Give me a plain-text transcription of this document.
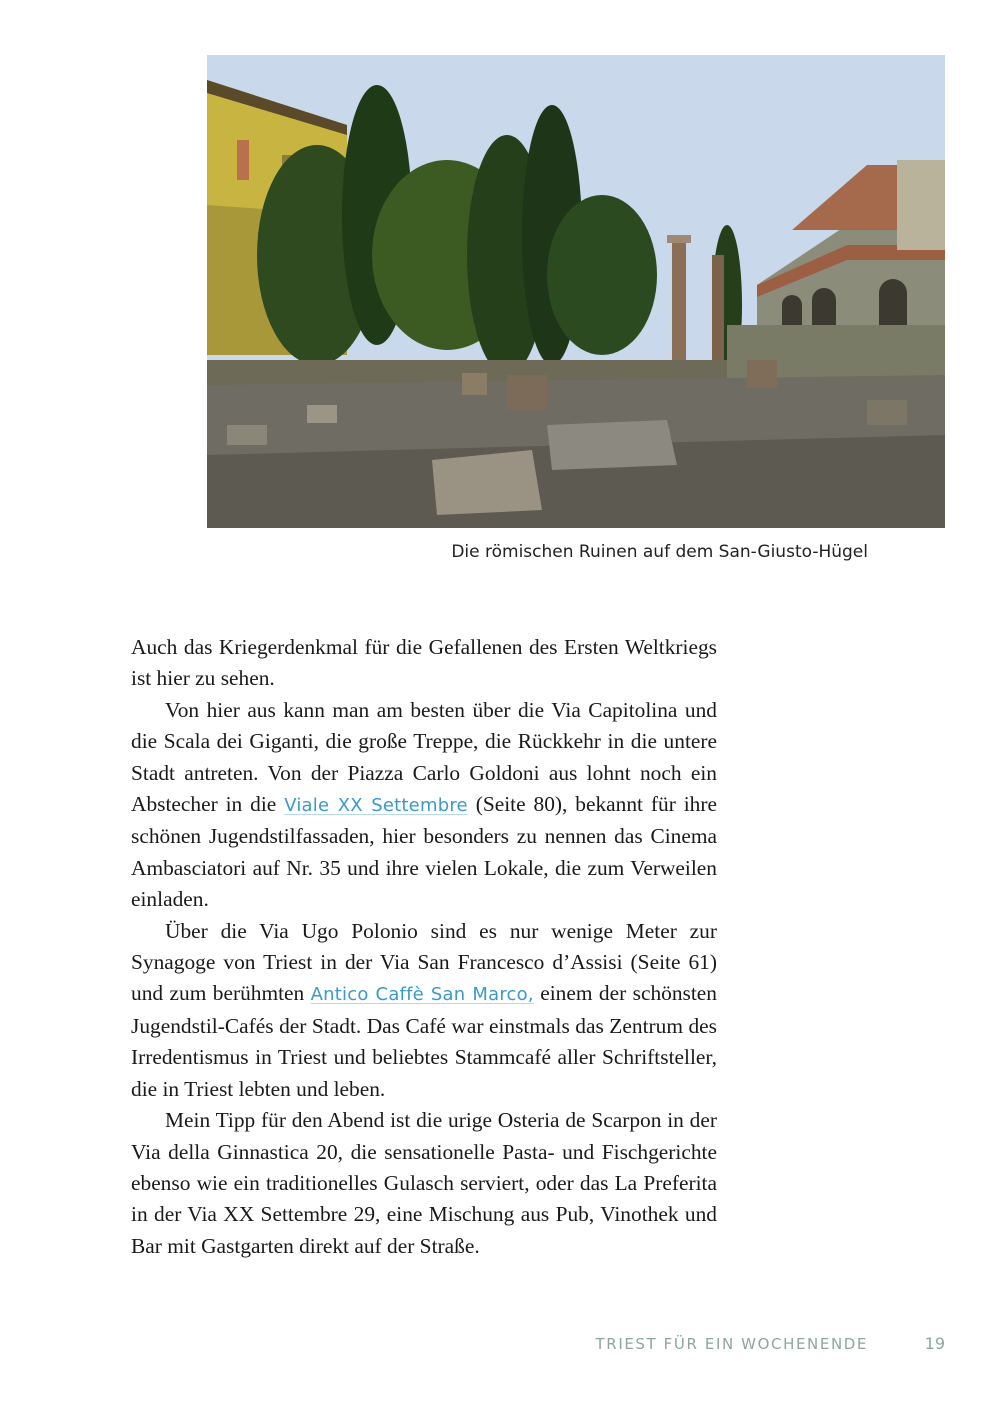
Die römischen Ruinen auf dem San-Giusto-Hügel

Auch das Kriegerdenkmal für die Gefallenen des Ersten Weltkriegs ist hier zu sehen.

Von hier aus kann man am besten über die Via Capitolina und die Scala dei Giganti, die große Treppe, die Rückkehr in die untere Stadt antreten. Von der Piazza Carlo Goldoni aus lohnt noch ein Abstecher in die Viale XX Settembre (Seite 80), bekannt für ihre schönen Jugendstilfassaden, hier besonders zu nennen das Cinema Ambasciatori auf Nr. 35 und ihre vielen Lokale, die zum Verweilen einladen.

Über die Via Ugo Polonio sind es nur wenige Meter zur Synagoge von Triest in der Via San Francesco d’Assisi (Seite 61) und zum berühmten Antico Caffè San Marco, einem der schönsten Jugendstil-Cafés der Stadt. Das Café war einstmals das Zentrum des Irredentismus in Triest und beliebtes Stammcafé aller Schriftsteller, die in Triest lebten und leben.

Mein Tipp für den Abend ist die urige Osteria de Scarpon in der Via della Ginnastica 20, die sensationelle Pasta- und Fischgerichte ebenso wie ein traditionelles Gulasch serviert, oder das La Preferita in der Via XX Settembre 29, eine Mischung aus Pub, Vinothek und Bar mit Gastgarten direkt auf der Straße.

TRIEST FÜR EIN WOCHENENDE	19
